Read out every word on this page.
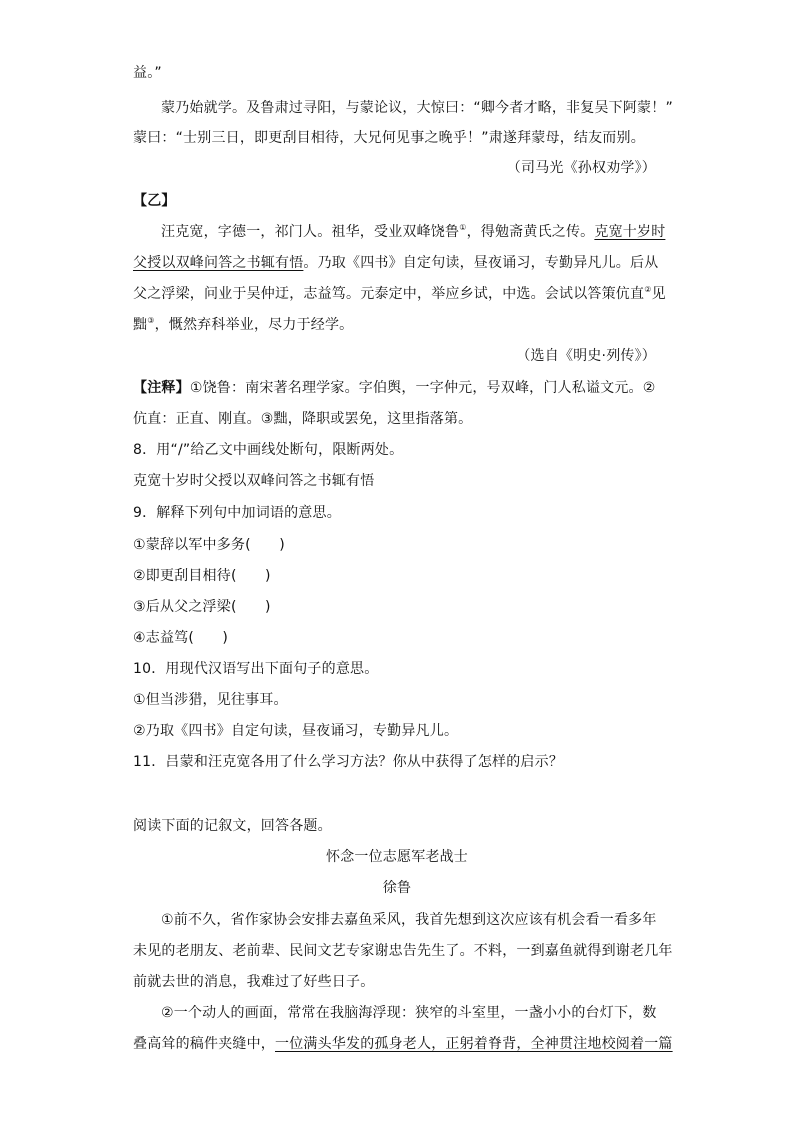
益。”
蒙乃始就学。及鲁肃过寻阳，与蒙论议，大惊曰：“卿今者才略，非复吴下阿蒙！”
蒙曰：“士别三日，即更刮目相待，大兄何见事之晚乎！”肃遂拜蒙母，结友而别。
（司马光《孙权劝学》）
【乙】
汪克宽，字德一，祁门人。祖华，受业双峰饶鲁①，得勉斋黄氏之传。克宽十岁时
父授以双峰问答之书辄有悟。乃取《四书》自定句读，昼夜诵习，专勤异凡儿。后从
父之浮梁，问业于吴仲迂，志益笃。元泰定中，举应乡试，中选。会试以答策伉直②见
黜③，慨然弃科举业，尽力于经学。
（选自《明史·列传》）
【注释】①饶鲁：南宋著名理学家。字伯舆，一字仲元，号双峰，门人私谥文元。②
伉直：正直、刚直。③黜，降职或罢免，这里指落第。
8．用“/”给乙文中画线处断句，限断两处。
克宽十岁时父授以双峰问答之书辄有悟
9．解释下列句中加词语的意思。
①蒙辞以军中多务(　　)
②即更刮目相待(　　)
③后从父之浮梁(　　)
④志益笃(　　)
10．用现代汉语写出下面句子的意思。
①但当涉猎，见往事耳。
②乃取《四书》自定句读，昼夜诵习，专勤异凡儿。
11．吕蒙和汪克宽各用了什么学习方法？你从中获得了怎样的启示？
阅读下面的记叙文，回答各题。
怀念一位志愿军老战士
徐鲁
①前不久，省作家协会安排去嘉鱼采风，我首先想到这次应该有机会看一看多年
未见的老朋友、老前辈、民间文艺专家谢忠告先生了。不料，一到嘉鱼就得到谢老几年
前就去世的消息，我难过了好些日子。
②一个动人的画面，常常在我脑海浮现：狭窄的斗室里，一盏小小的台灯下，数
叠高耸的稿件夹缝中，一位满头华发的孤身老人，正躬着脊背，全神贯注地校阅着一篇
